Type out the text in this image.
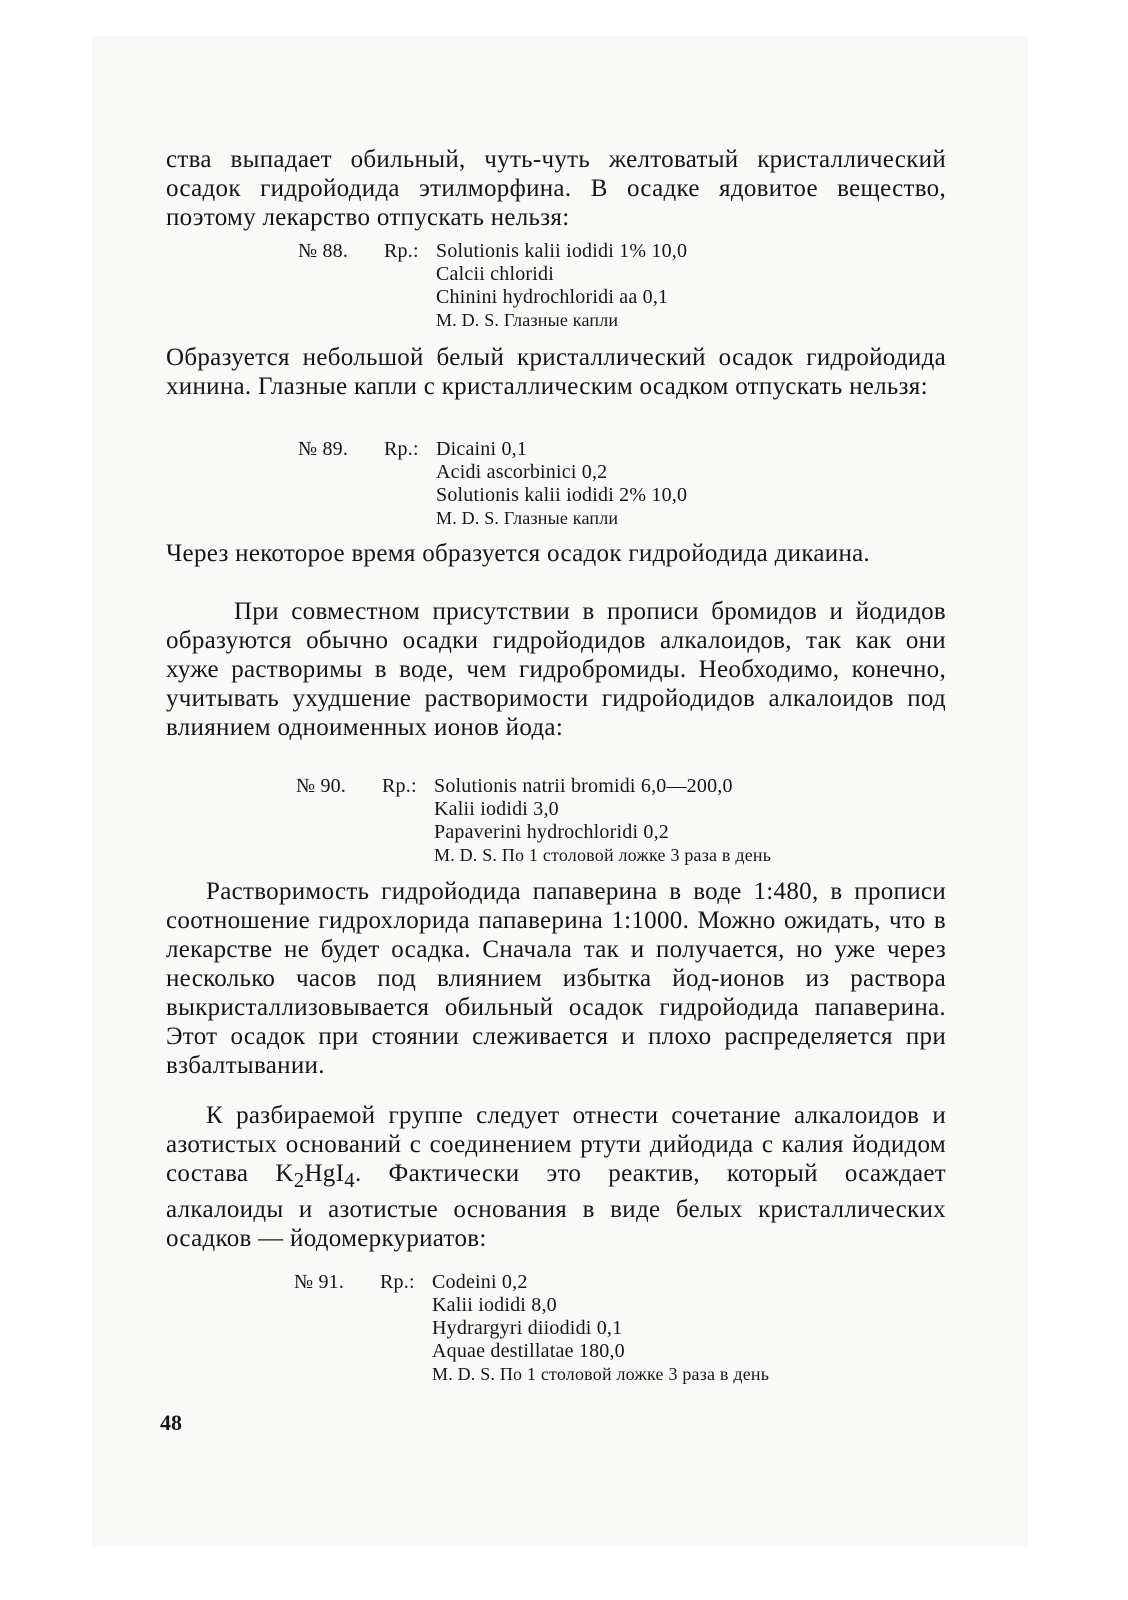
ства выпадает обильный, чуть-чуть желтоватый кристаллический осадок гидройодида этилморфина. В осадке ядовитое вещество, поэтому лекарство отпускать нельзя:
№ 88.	Rp.: Solutionis kalii iodidi 1% 10,0
Calcii chloridi
Chinini hydrochloridi aa 0,1
M. D. S. Глазные капли
Образуется небольшой белый кристаллический осадок гидройодида хинина. Глазные капли с кристаллическим осадком отпускать нельзя:
№ 89.	Rp.: Dicaini 0,1
Acidi ascorbinici 0,2
Solutionis kalii iodidi 2% 10,0
M. D. S. Глазные капли
Через некоторое время образуется осадок гидройодида дикаина.
При совместном присутствии в прописи бромидов и йодидов образуются обычно осадки гидройодидов алкалоидов, так как они хуже растворимы в воде, чем гидробромиды. Необходимо, конечно, учитывать ухудшение растворимости гидройодидов алкалоидов под влиянием одноименных ионов йода:
№ 90.	Rp.: Solutionis natrii bromidi 6,0—200,0
Kalii iodidi 3,0
Papaverini hydrochloridi 0,2
M. D. S. По 1 столовой ложке 3 раза в день
Растворимость гидройодида папаверина в воде 1:480, в прописи соотношение гидрохлорида папаверина 1:1000. Можно ожидать, что в лекарстве не будет осадка. Сначала так и получается, но уже через несколько часов под влиянием избытка йод-ионов из раствора выкристаллизовывается обильный осадок гидройодида папаверина. Этот осадок при стоянии слеживается и плохо распределяется при взбалтывании.
К разбираемой группе следует отнести сочетание алкалоидов и азотистых оснований с соединением ртути дийодида с калия йодидом состава $K_2HgI_4$. Фактически это реактив, который осаждает алкалоиды и азотистые основания в виде белых кристаллических осадков — йодомеркуриатов:
№ 91.	Rp.: Codeini 0,2
Kalii iodidi 8,0
Hydrargyri diiodidi 0,1
Aquae destillatae 180,0
M. D. S. По 1 столовой ложке 3 раза в день
48
